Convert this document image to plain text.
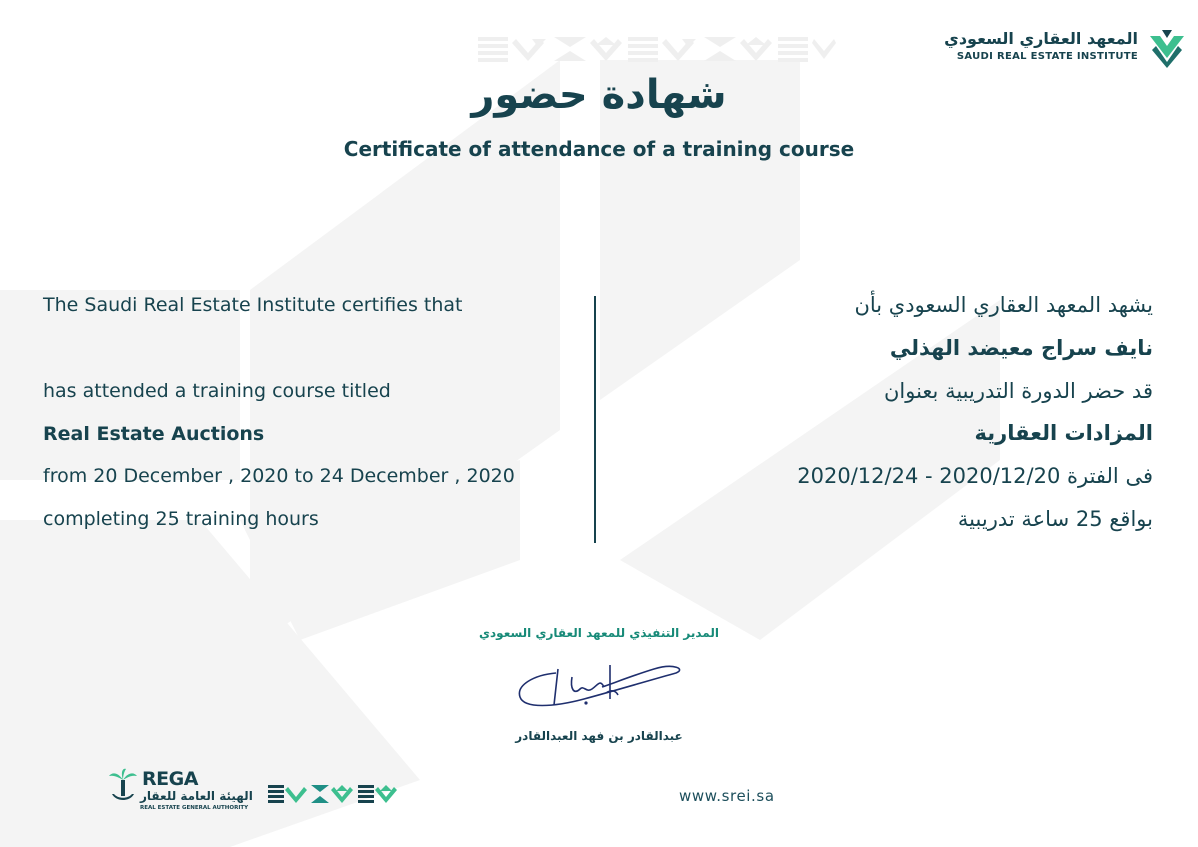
المعهد العقاري السعودي
SAUDI REAL ESTATE INSTITUTE
شهادة حضور
Certificate of attendance of a training course
The Saudi Real Estate Institute certifies that
has attended a training course titled
Real Estate Auctions
from 20 December , 2020 to 24 December , 2020
completing 25 training hours
يشهد المعهد العقاري السعودي بأن
نايف سراج معيضد الهذلي
قد حضر الدورة التدريبية بعنوان
المزادات العقارية
فى الفترة 2020/12/20 - 2020/12/24
بواقع 25 ساعة تدريبية
المدير التنفيذي للمعهد العقاري السعودي
عبدالقادر بن فهد العبدالقادر
REGA
الهيئة العامة للعقار
REAL ESTATE GENERAL AUTHORITY
www.srei.sa
